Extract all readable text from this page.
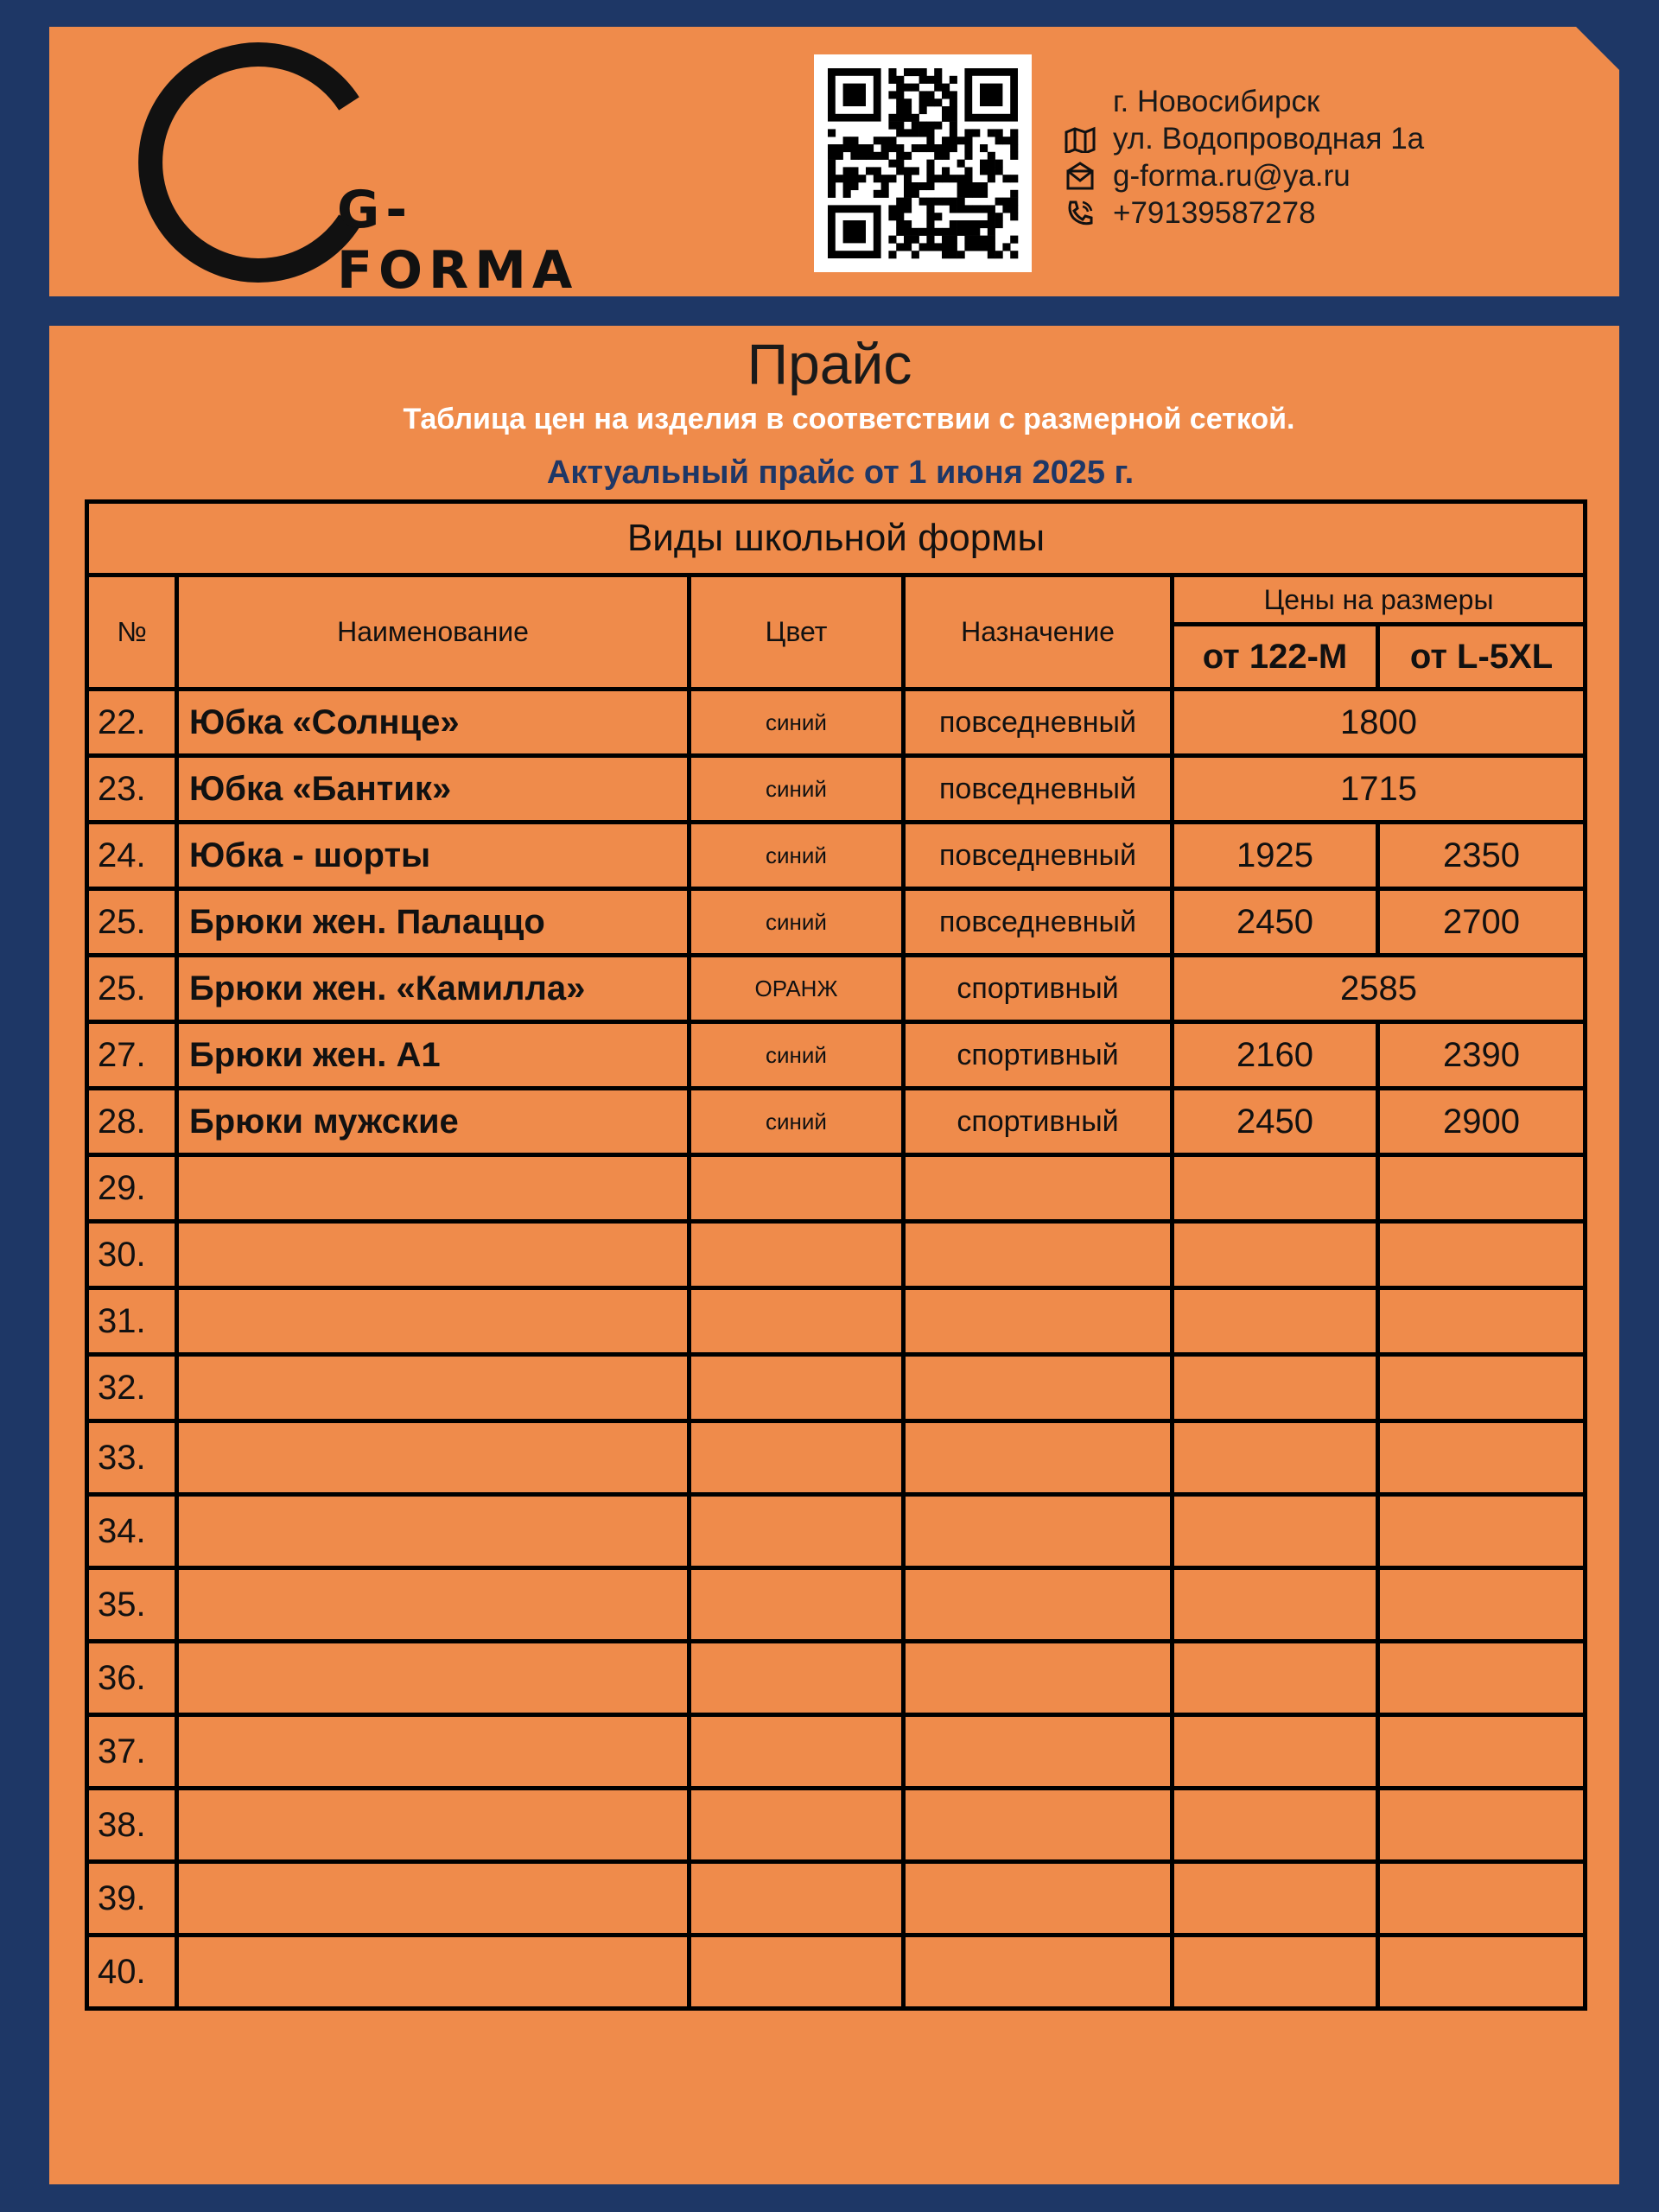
G-FORMA
г. Новосибирск
ул. Водопроводная 1а
g-forma.ru@ya.ru
+79139587278
Прайс
Таблица цен на изделия в соответствии с размерной сеткой.
Актуальный прайс от 1 июня 2025 г.
Виды школьной формы					
№	Наименование	Цвет	Назначение	Цены на размеры	
				от 122-М	от L-5XL
22.	Юбка «Солнце»	синий	повседневный	1800	
23.	Юбка «Бантик»	синий	повседневный	1715	
24.	Юбка - шорты	синий	повседневный	1925	2350
25.	Брюки жен. Палаццо	синий	повседневный	2450	2700
25.	Брюки жен. «Камилла»	ОРАНЖ	спортивный	2585	
27.	Брюки жен. А1	синий	спортивный	2160	2390
28.	Брюки мужские	синий	спортивный	2450	2900
29.					
30.					
31.					
32.					
33.					
34.					
35.					
36.					
37.					
38.					
39.					
40.					
